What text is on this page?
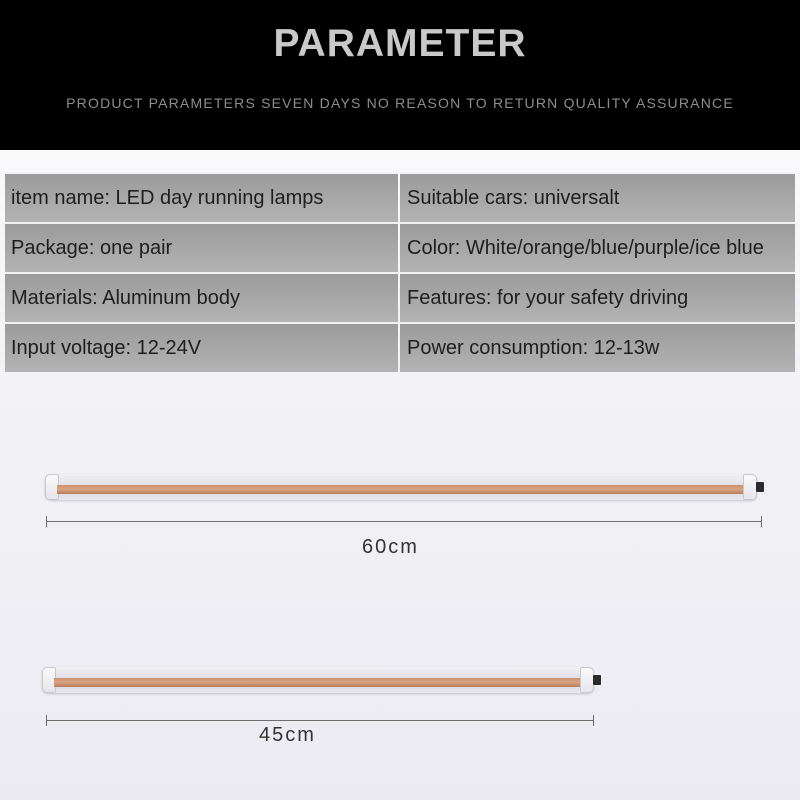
PARAMETER
PRODUCT PARAMETERS SEVEN DAYS NO REASON TO RETURN QUALITY ASSURANCE
item name: LED day running lamps	Suitable cars: universalt
Package: one pair	Color: White/orange/blue/purple/ice blue
Materials: Aluminum body	Features: for your safety driving
Input voltage: 12-24V	Power consumption: 12-13w
60cm
45cm
